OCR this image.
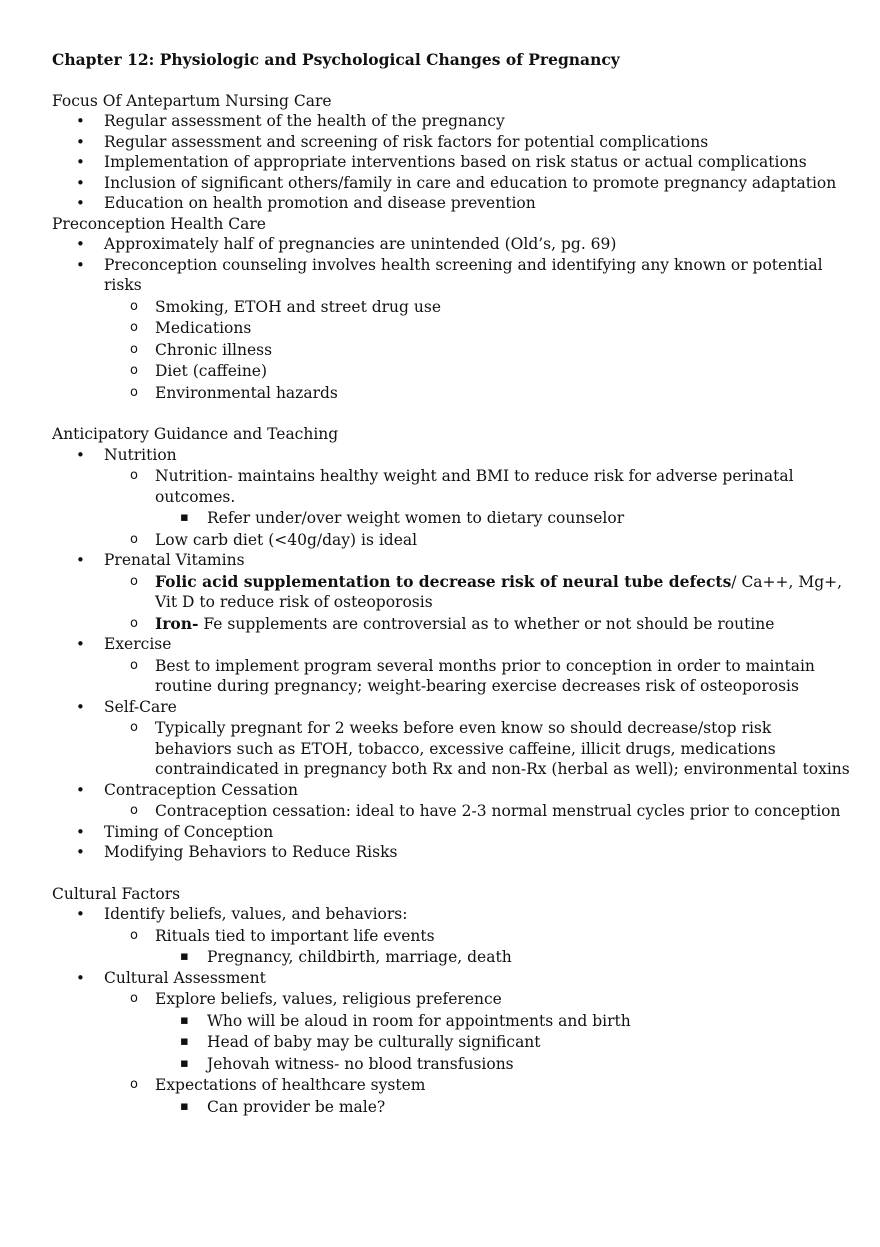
Chapter 12: Physiologic and Psychological Changes of Pregnancy
Focus Of Antepartum Nursing Care
• Regular assessment of the health of the pregnancy
• Regular assessment and screening of risk factors for potential complications
• Implementation of appropriate interventions based on risk status or actual complications
• Inclusion of significant others/family in care and education to promote pregnancy adaptation
• Education on health promotion and disease prevention
Preconception Health Care
• Approximately half of pregnancies are unintended (Old’s, pg. 69)
• Preconception counseling involves health screening and identifying any known or potential risks
o Smoking, ETOH and street drug use
o Medications
o Chronic illness
o Diet (caffeine)
o Environmental hazards
Anticipatory Guidance and Teaching
• Nutrition
o Nutrition- maintains healthy weight and BMI to reduce risk for adverse perinatal outcomes.
▪ Refer under/over weight women to dietary counselor
o Low carb diet (<40g/day) is ideal
• Prenatal Vitamins
o Folic acid supplementation to decrease risk of neural tube defects/ Ca++, Mg+, Vit D to reduce risk of osteoporosis
o Iron- Fe supplements are controversial as to whether or not should be routine
• Exercise
o Best to implement program several months prior to conception in order to maintain routine during pregnancy; weight-bearing exercise decreases risk of osteoporosis
• Self-Care
o Typically pregnant for 2 weeks before even know so should decrease/stop risk behaviors such as ETOH, tobacco, excessive caffeine, illicit drugs, medications contraindicated in pregnancy both Rx and non-Rx (herbal as well); environmental toxins
• Contraception Cessation
o Contraception cessation: ideal to have 2-3 normal menstrual cycles prior to conception
• Timing of Conception
• Modifying Behaviors to Reduce Risks
Cultural Factors
• Identify beliefs, values, and behaviors:
o Rituals tied to important life events
▪ Pregnancy, childbirth, marriage, death
• Cultural Assessment
o Explore beliefs, values, religious preference
▪ Who will be aloud in room for appointments and birth
▪ Head of baby may be culturally significant
▪ Jehovah witness- no blood transfusions
o Expectations of healthcare system
▪ Can provider be male?
